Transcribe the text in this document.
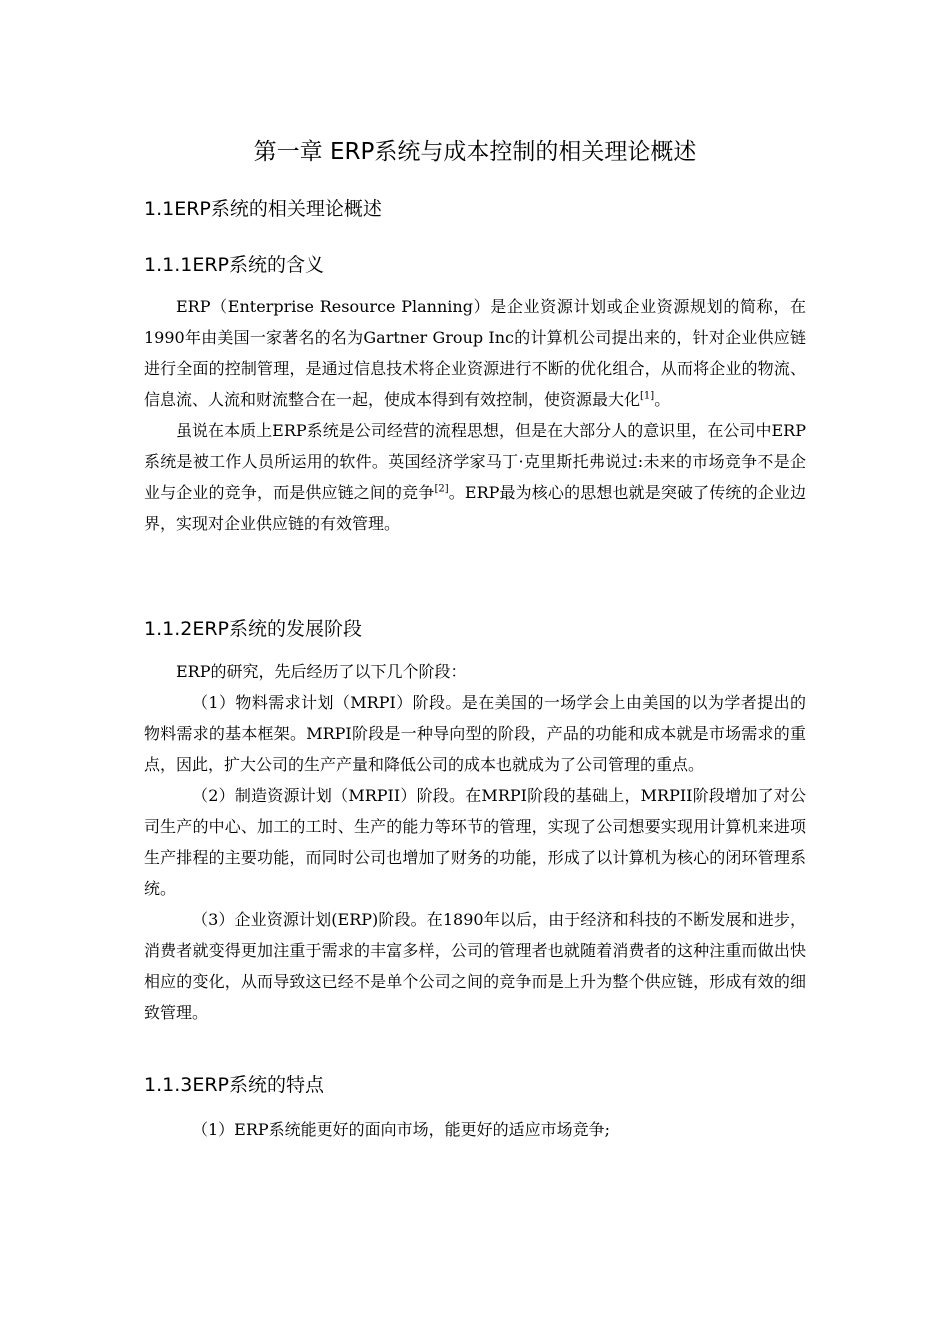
第一章 ERP系统与成本控制的相关理论概述
1.1ERP系统的相关理论概述
1.1.1ERP系统的含义

ERP（Enterprise Resource Planning）是企业资源计划或企业资源规划的简称，在1990年由美国一家著名的名为Gartner Group Inc的计算机公司提出来的，针对企业供应链进行全面的控制管理，是通过信息技术将企业资源进行不断的优化组合，从而将企业的物流、信息流、人流和财流整合在一起，使成本得到有效控制，使资源最大化[1]。

虽说在本质上ERP系统是公司经营的流程思想，但是在大部分人的意识里，在公司中ERP系统是被工作人员所运用的软件。英国经济学家马丁·克里斯托弗说过:未来的市场竞争不是企业与企业的竞争，而是供应链之间的竞争[2]。ERP最为核心的思想也就是突破了传统的企业边界，实现对企业供应链的有效管理。

1.1.2ERP系统的发展阶段

ERP的研究，先后经历了以下几个阶段：

（1）物料需求计划（MRPI）阶段。是在美国的一场学会上由美国的以为学者提出的物料需求的基本框架。MRPI阶段是一种导向型的阶段，产品的功能和成本就是市场需求的重点，因此，扩大公司的生产产量和降低公司的成本也就成为了公司管理的重点。

（2）制造资源计划（MRPII）阶段。在MRPI阶段的基础上，MRPII阶段增加了对公司生产的中心、加工的工时、生产的能力等环节的管理，实现了公司想要实现用计算机来进项生产排程的主要功能，而同时公司也增加了财务的功能，形成了以计算机为核心的闭环管理系统。

（3）企业资源计划(ERP)阶段。在1890年以后，由于经济和科技的不断发展和进步，消费者就变得更加注重于需求的丰富多样，公司的管理者也就随着消费者的这种注重而做出快相应的变化，从而导致这已经不是单个公司之间的竞争而是上升为整个供应链，形成有效的细致管理。

1.1.3ERP系统的特点

（1）ERP系统能更好的面向市场，能更好的适应市场竞争;
